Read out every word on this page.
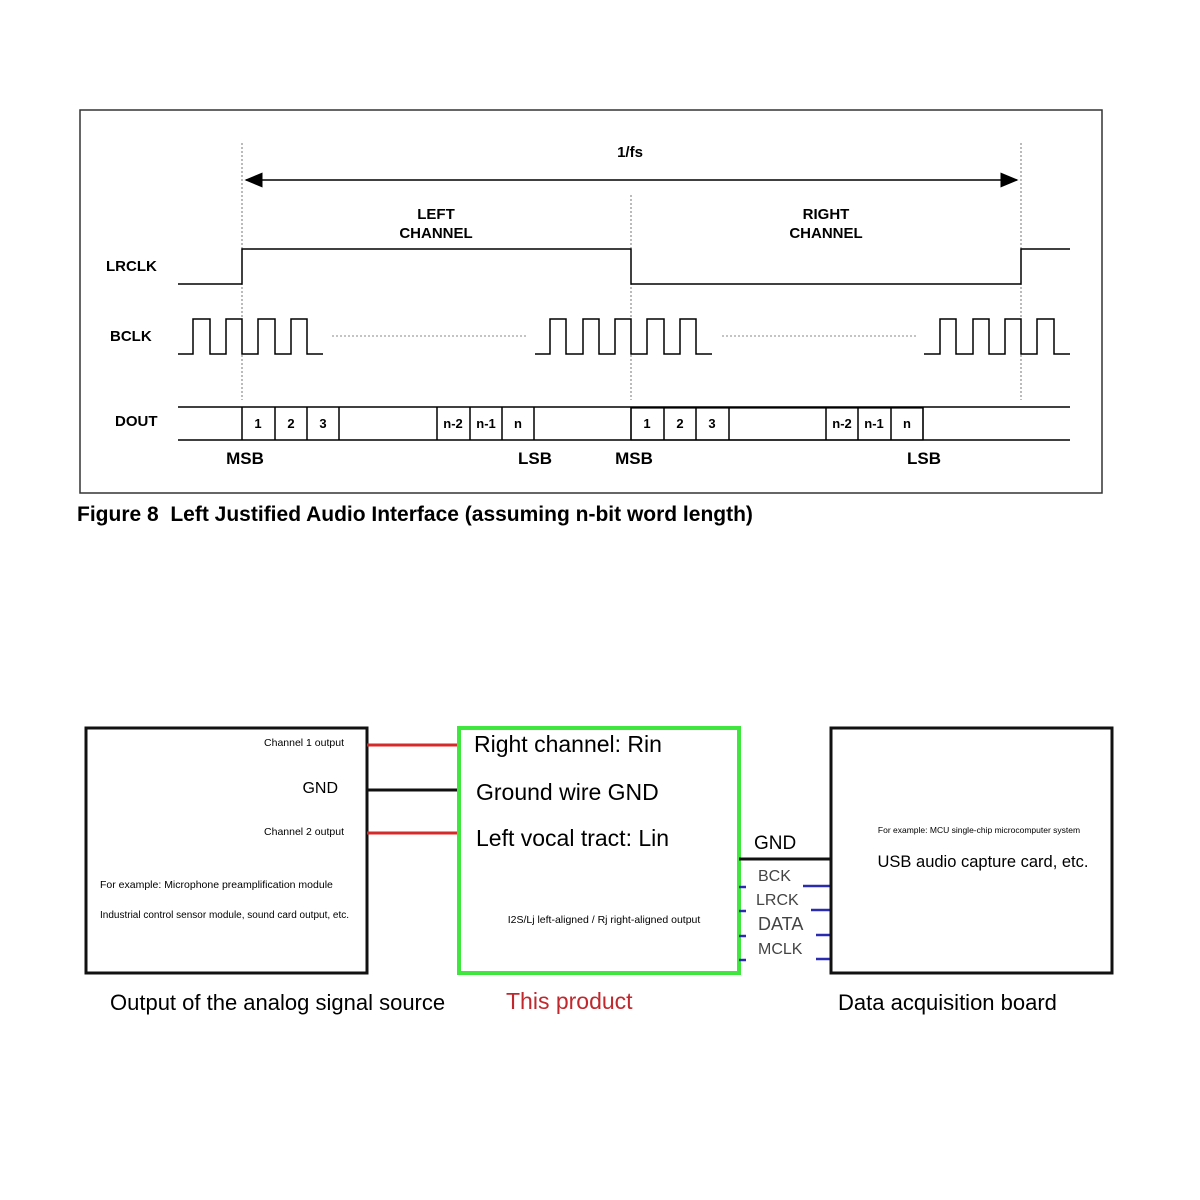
1/fs
LEFT
CHANNEL
RIGHT
CHANNEL
LRCLK
BCLK
DOUT	1 2 3	n-2 n-1 n	1 2 3	n-2 n-1 n
MSB	LSB	MSB	LSB
Figure 8  Left Justified Audio Interface (assuming n-bit word length)
Channel 1 output
GND
Channel 2 output
For example: Microphone preamplification module
Industrial control sensor module, sound card output, etc.
Right channel: Rin
Ground wire GND
Left vocal tract: Lin
I2S/Lj left-aligned / Rj right-aligned output
GND
BCK
LRCK
DATA
MCLK
For example: MCU single-chip microcomputer system
USB audio capture card, etc.
Output of the analog signal source	This product	Data acquisition board
